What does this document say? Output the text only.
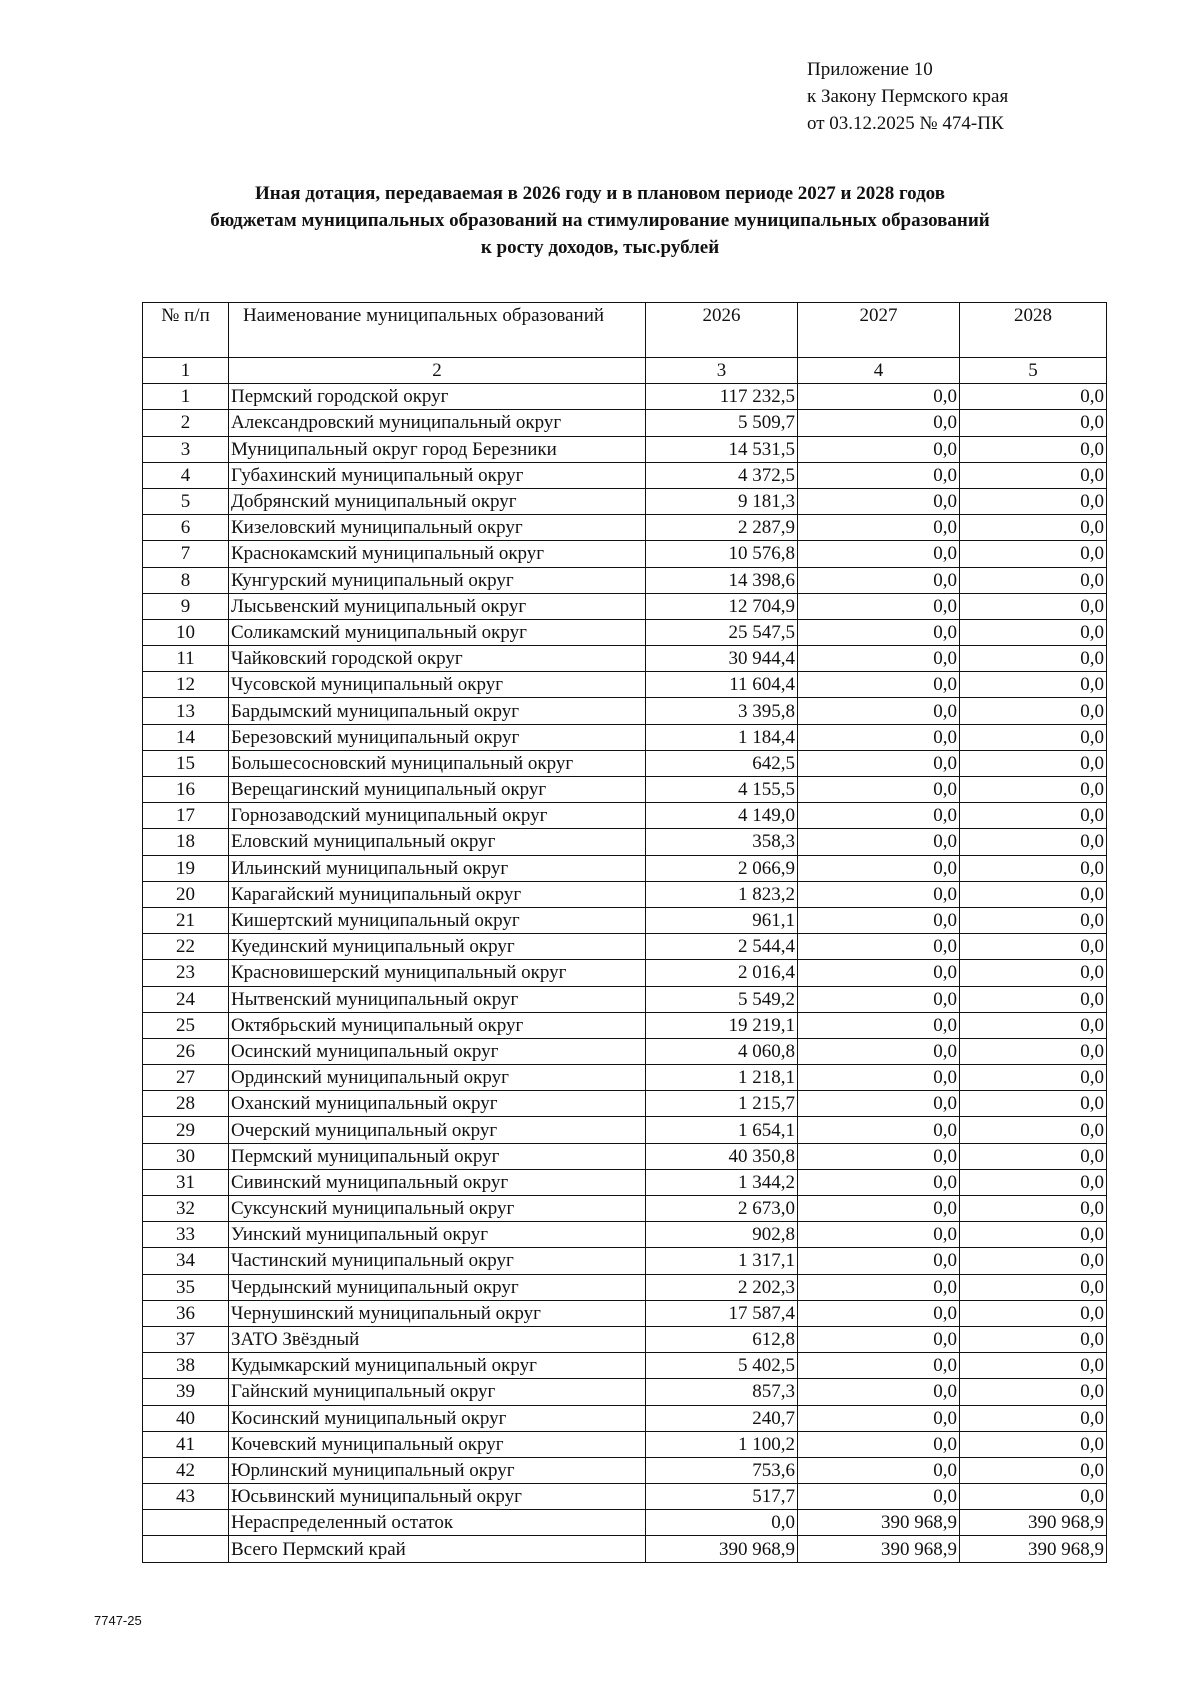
Приложение 10
к Закону Пермского края
от 03.12.2025 № 474-ПК
Иная дотация, передаваемая в 2026 году и в плановом периоде 2027 и 2028 годов
бюджетам муниципальных образований на стимулирование муниципальных образований
к росту доходов, тыс.рублей
№ п/п	Наименование муниципальных образований	2026	2027	2028
1	2	3	4	5
1	Пермский городской округ	117 232,5	0,0	0,0
2	Александровский муниципальный округ	5 509,7	0,0	0,0
3	Муниципальный округ город Березники	14 531,5	0,0	0,0
4	Губахинский муниципальный округ	4 372,5	0,0	0,0
5	Добрянский муниципальный округ	9 181,3	0,0	0,0
6	Кизеловский муниципальный округ	2 287,9	0,0	0,0
7	Краснокамский муниципальный округ	10 576,8	0,0	0,0
8	Кунгурский муниципальный округ	14 398,6	0,0	0,0
9	Лысьвенский муниципальный округ	12 704,9	0,0	0,0
10	Соликамский муниципальный округ	25 547,5	0,0	0,0
11	Чайковский городской округ	30 944,4	0,0	0,0
12	Чусовской муниципальный округ	11 604,4	0,0	0,0
13	Бардымский муниципальный округ	3 395,8	0,0	0,0
14	Березовский муниципальный округ	1 184,4	0,0	0,0
15	Большесосновский муниципальный округ	642,5	0,0	0,0
16	Верещагинский муниципальный округ	4 155,5	0,0	0,0
17	Горнозаводский муниципальный округ	4 149,0	0,0	0,0
18	Еловский муниципальный округ	358,3	0,0	0,0
19	Ильинский муниципальный округ	2 066,9	0,0	0,0
20	Карагайский муниципальный округ	1 823,2	0,0	0,0
21	Кишертский муниципальный округ	961,1	0,0	0,0
22	Куединский муниципальный округ	2 544,4	0,0	0,0
23	Красновишерский муниципальный округ	2 016,4	0,0	0,0
24	Нытвенский муниципальный округ	5 549,2	0,0	0,0
25	Октябрьский муниципальный округ	19 219,1	0,0	0,0
26	Осинский муниципальный округ	4 060,8	0,0	0,0
27	Ординский муниципальный округ	1 218,1	0,0	0,0
28	Оханский муниципальный округ	1 215,7	0,0	0,0
29	Очерский муниципальный округ	1 654,1	0,0	0,0
30	Пермский муниципальный округ	40 350,8	0,0	0,0
31	Сивинский муниципальный округ	1 344,2	0,0	0,0
32	Суксунский муниципальный округ	2 673,0	0,0	0,0
33	Уинский муниципальный округ	902,8	0,0	0,0
34	Частинский муниципальный округ	1 317,1	0,0	0,0
35	Чердынский муниципальный округ	2 202,3	0,0	0,0
36	Чернушинский муниципальный округ	17 587,4	0,0	0,0
37	ЗАТО Звёздный	612,8	0,0	0,0
38	Кудымкарский муниципальный округ	5 402,5	0,0	0,0
39	Гайнский муниципальный округ	857,3	0,0	0,0
40	Косинский муниципальный округ	240,7	0,0	0,0
41	Кочевский муниципальный округ	1 100,2	0,0	0,0
42	Юрлинский муниципальный округ	753,6	0,0	0,0
43	Юсьвинский муниципальный округ	517,7	0,0	0,0
	Нераспределенный остаток	0,0	390 968,9	390 968,9
	Всего Пермский край	390 968,9	390 968,9	390 968,9
7747-25
